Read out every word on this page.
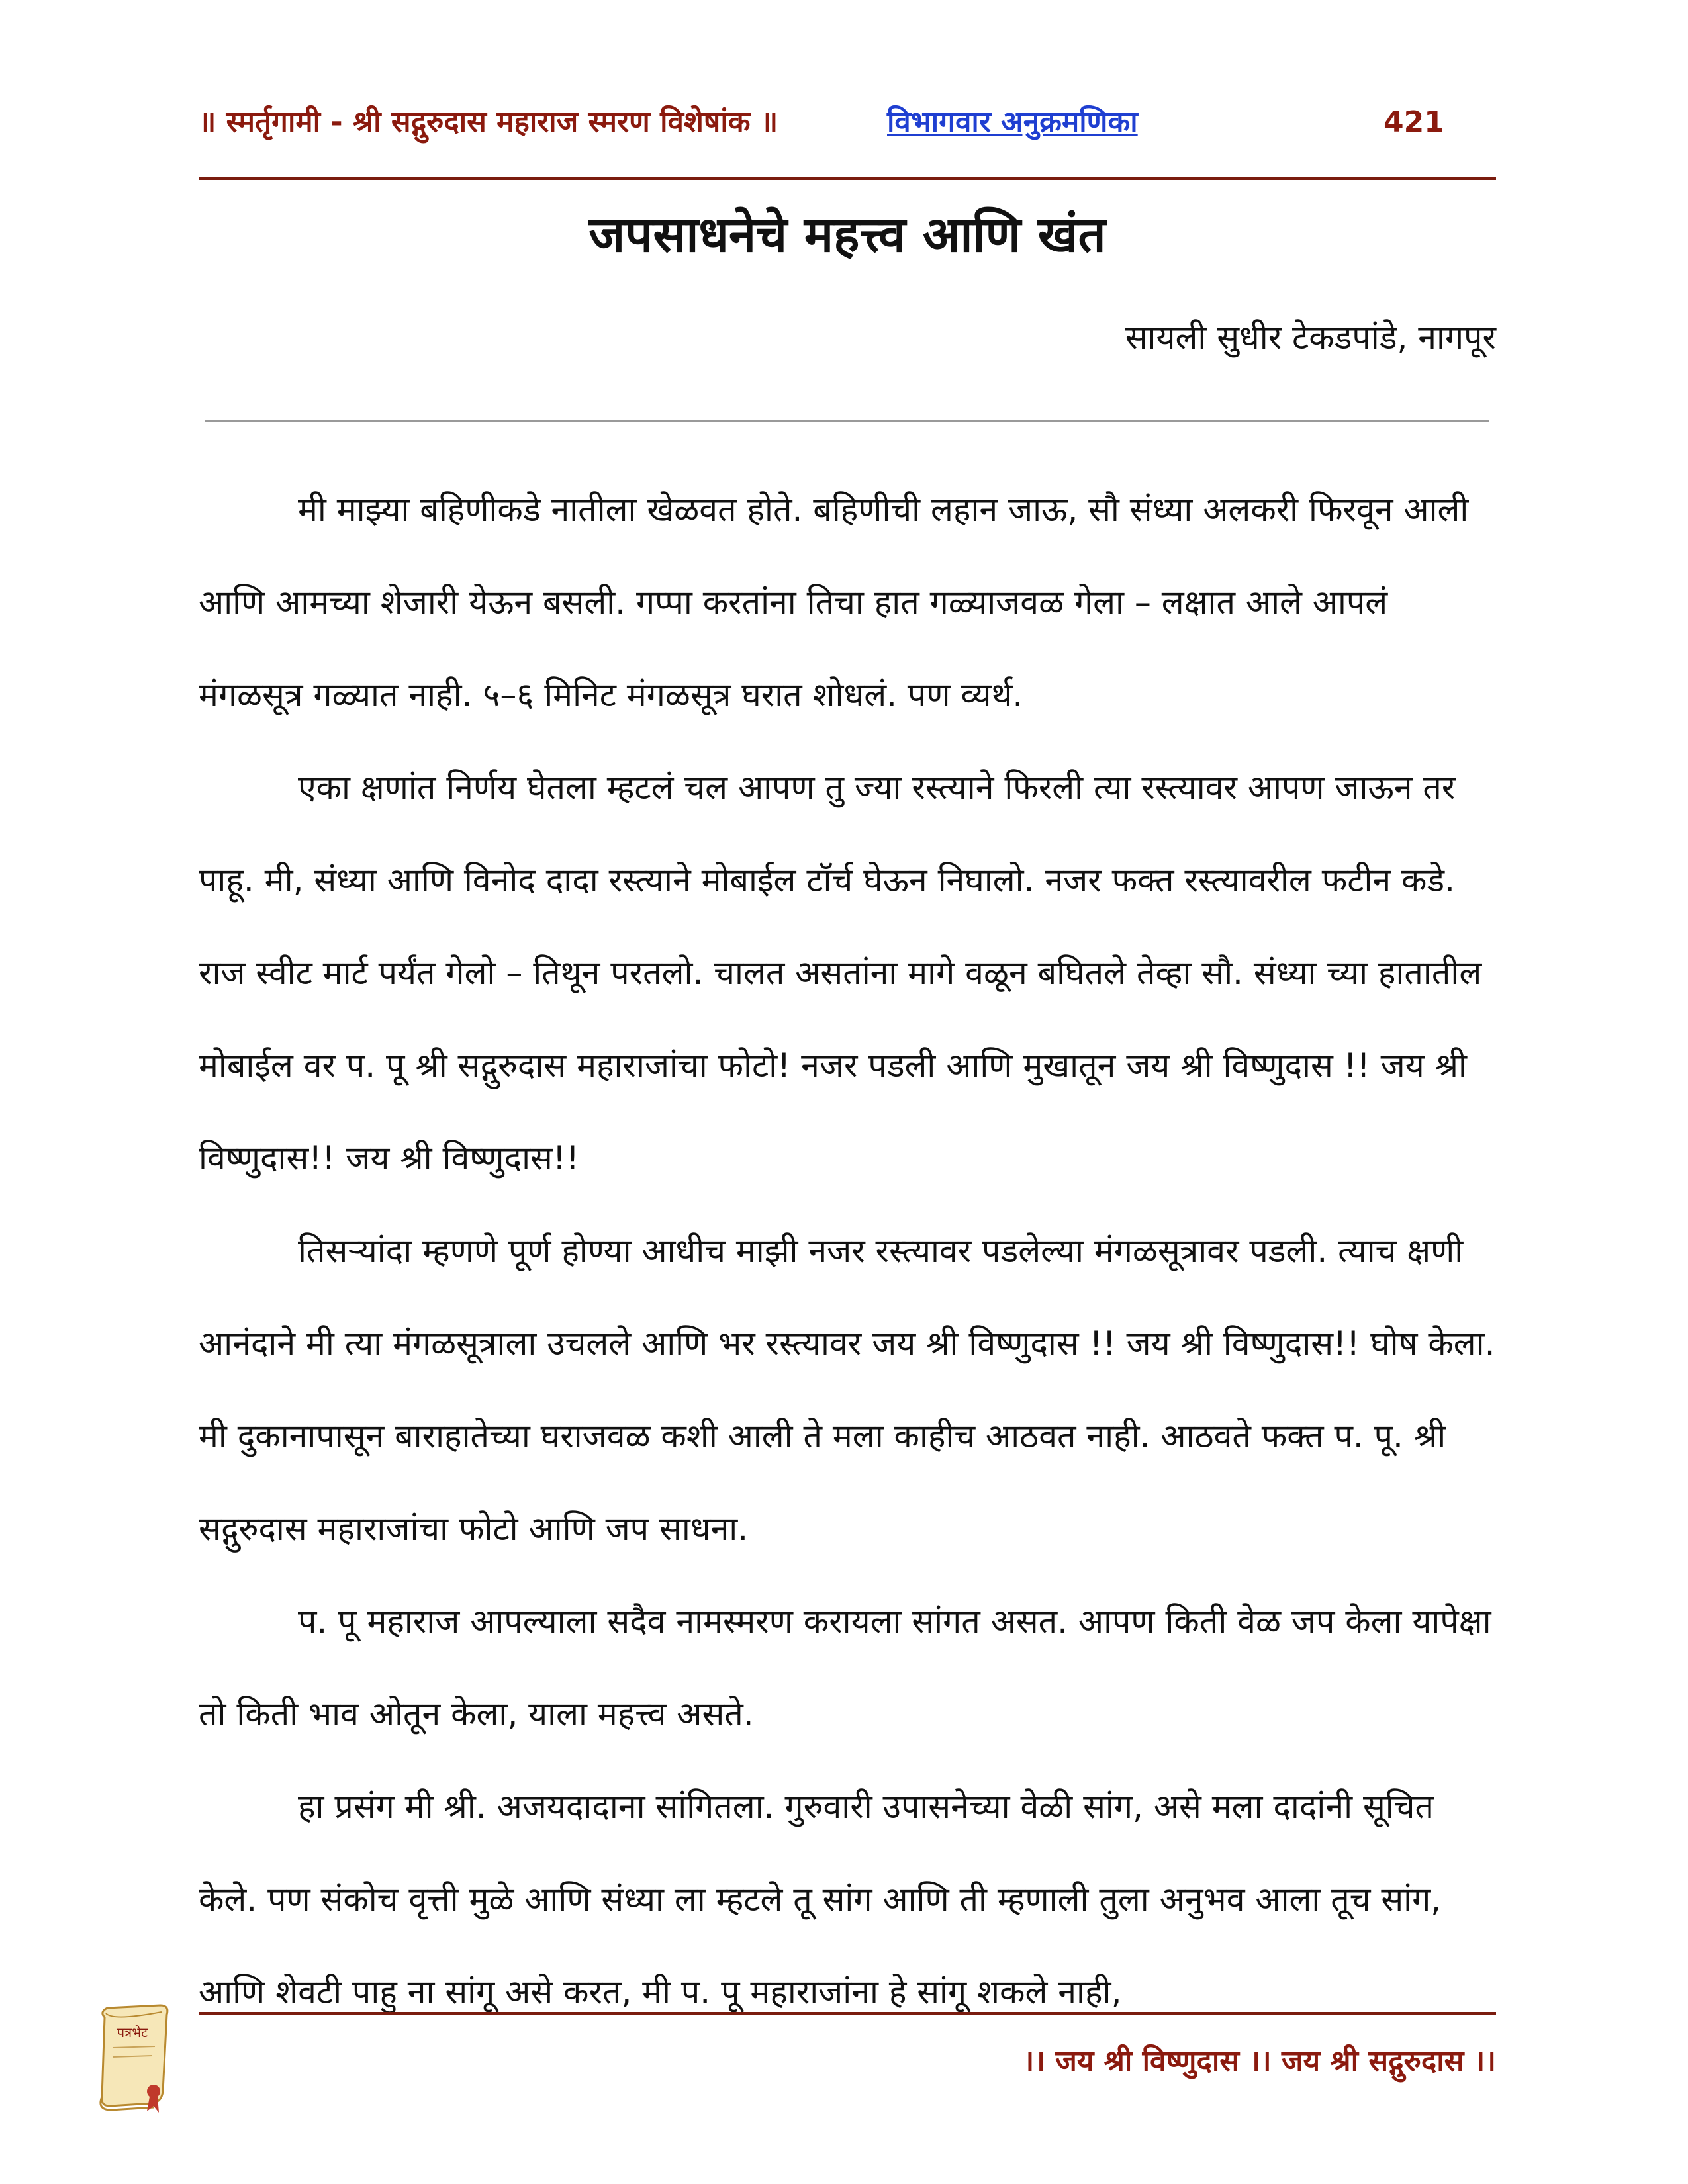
॥ स्मर्तृगामी - श्री सद्गुरुदास महाराज स्मरण विशेषांक ॥	विभागवार अनुक्रमणिका	421
जपसाधनेचे महत्त्व आणि खंत
सायली सुधीर टेकडपांडे, नागपूर

मी माझ्या बहिणीकडे नातीला खेळवत होते. बहिणीची लहान जाऊ, सौ संध्या अलकरी फिरवून आली आणि आमच्या शेजारी येऊन बसली. गप्पा करतांना तिचा हात गळ्याजवळ गेला – लक्षात आले आपलं मंगळसूत्र गळ्यात नाही. ५–६ मिनिट मंगळसूत्र घरात शोधलं. पण व्यर्थ.

एका क्षणांत निर्णय घेतला म्हटलं चल आपण तु ज्या रस्त्याने फिरली त्या रस्त्यावर आपण जाऊन तर पाहू. मी, संध्या आणि विनोद दादा रस्त्याने मोबाईल टॉर्च घेऊन निघालो. नजर फक्त रस्त्यावरील फटीन कडे. राज स्वीट मार्ट पर्यंत गेलो – तिथून परतलो. चालत असतांना मागे वळून बघितले तेव्हा सौ. संध्या च्या हातातील मोबाईल वर प. पू श्री सद्गुरुदास महाराजांचा फोटो! नजर पडली आणि मुखातून जय श्री विष्णुदास !! जय श्री विष्णुदास!! जय श्री विष्णुदास!!

तिसऱ्यांदा म्हणणे पूर्ण होण्या आधीच माझी नजर रस्त्यावर पडलेल्या मंगळसूत्रावर पडली. त्याच क्षणी आनंदाने मी त्या मंगळसूत्राला उचलले आणि भर रस्त्यावर जय श्री विष्णुदास !! जय श्री विष्णुदास!! घोष केला. मी दुकानापासून बाराहातेच्या घराजवळ कशी आली ते मला काहीच आठवत नाही. आठवते फक्त प. पू. श्री सद्गुरुदास महाराजांचा फोटो आणि जप साधना.

प. पू महाराज आपल्याला सदैव नामस्मरण करायला सांगत असत. आपण किती वेळ जप केला यापेक्षा तो किती भाव ओतून केला, याला महत्त्व असते.

हा प्रसंग मी श्री. अजयदादाना सांगितला. गुरुवारी उपासनेच्या वेळी सांग, असे मला दादांनी सूचित केले. पण संकोच वृत्ती मुळे आणि संध्या ला म्हटले तू सांग आणि ती म्हणाली तुला अनुभव आला तूच सांग, आणि शेवटी पाहु ना सांगू असे करत, मी प. पू महाराजांना हे सांगू शकले नाही,

पत्रभेट
।। जय श्री विष्णुदास ।। जय श्री सद्गुरुदास ।।
